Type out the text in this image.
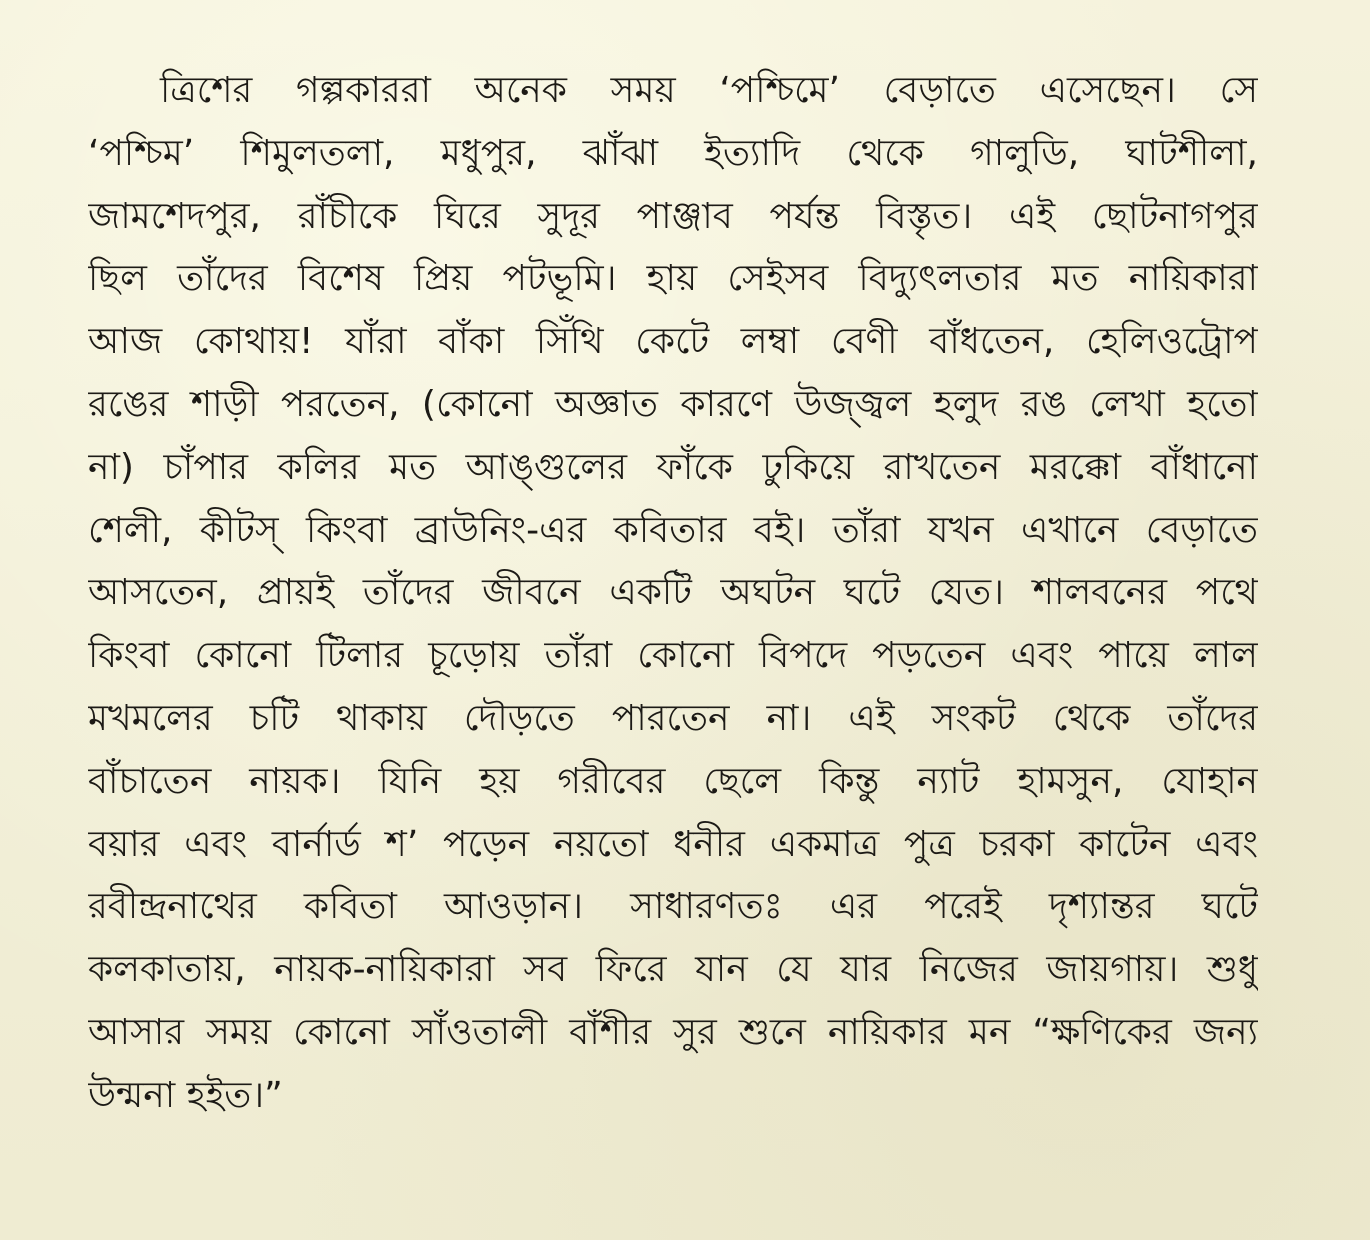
ত্রিশের গল্পকাররা অনেক সময় ‘পশ্চিমে’ বেড়াতে এসেছেন। সে
‘পশ্চিম’ শিমুলতলা, মধুপুর, ঝাঁঝা ইত্যাদি থেকে গালুডি, ঘাটশীলা,
জামশেদপুর, রাঁচীকে ঘিরে সুদূর পাঞ্জাব পর্যন্ত বিস্তৃত। এই ছোটনাগপুর
ছিল তাঁদের বিশেষ প্রিয় পটভূমি। হায় সেইসব বিদ্যুৎলতার মত নায়িকারা
আজ কোথায়! যাঁরা বাঁকা সিঁথি কেটে লম্বা বেণী বাঁধতেন, হেলিওট্রোপ
রঙের শাড়ী পরতেন, (কোনো অজ্ঞাত কারণে উজ্জ্বল হলুদ রঙ লেখা হতো
না) চাঁপার কলির মত আঙ্গুলের ফাঁকে ঢুকিয়ে রাখতেন মরক্কো বাঁধানো
শেলী, কীটস্ কিংবা ব্রাউনিং-এর কবিতার বই। তাঁরা যখন এখানে বেড়াতে
আসতেন, প্রায়ই তাঁদের জীবনে একটি অঘটন ঘটে যেত। শালবনের পথে
কিংবা কোনো টিলার চূড়োয় তাঁরা কোনো বিপদে পড়তেন এবং পায়ে লাল
মখমলের চটি থাকায় দৌড়তে পারতেন না। এই সংকট থেকে তাঁদের
বাঁচাতেন নায়ক। যিনি হয় গরীবের ছেলে কিন্তু ন্যাট হামসুন, যোহান
বয়ার এবং বার্নার্ড শ’ পড়েন নয়তো ধনীর একমাত্র পুত্র চরকা কাটেন এবং
রবীন্দ্রনাথের কবিতা আওড়ান। সাধারণতঃ এর পরেই দৃশ্যান্তর ঘটে
কলকাতায়, নায়ক-নায়িকারা সব ফিরে যান যে যার নিজের জায়গায়। শুধু
আসার সময় কোনো সাঁওতালী বাঁশীর সুর শুনে নায়িকার মন “ক্ষণিকের জন্য
উন্মনা হইত।”
